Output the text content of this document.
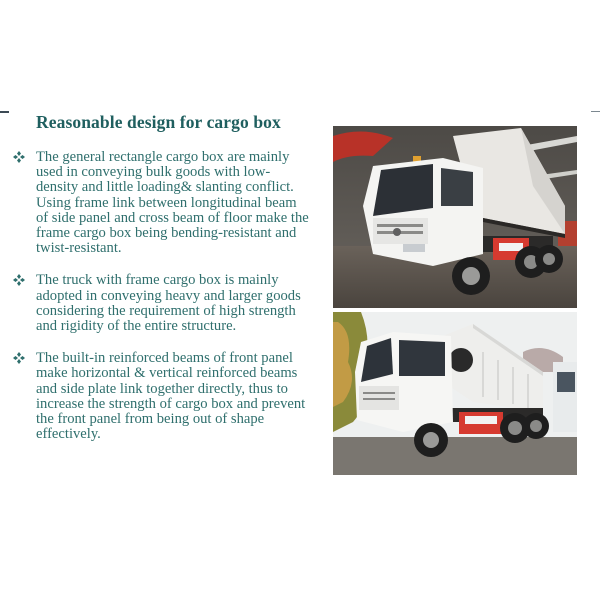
Reasonable design for cargo box
The general rectangle cargo box are mainly used in conveying bulk goods with low-density and little loading& slanting conflict. Using frame link between longitudinal beam of side panel and cross beam of floor make the frame cargo box being bending-resistant and twist-resistant.
The truck with frame cargo box is mainly adopted in conveying heavy and larger goods considering the requirement of high strength and rigidity of the entire structure.
The built-in reinforced beams of front panel make horizontal & vertical reinforced beams and side plate link together directly, thus to increase the strength of cargo box and prevent the front panel from being out of shape effectively.
